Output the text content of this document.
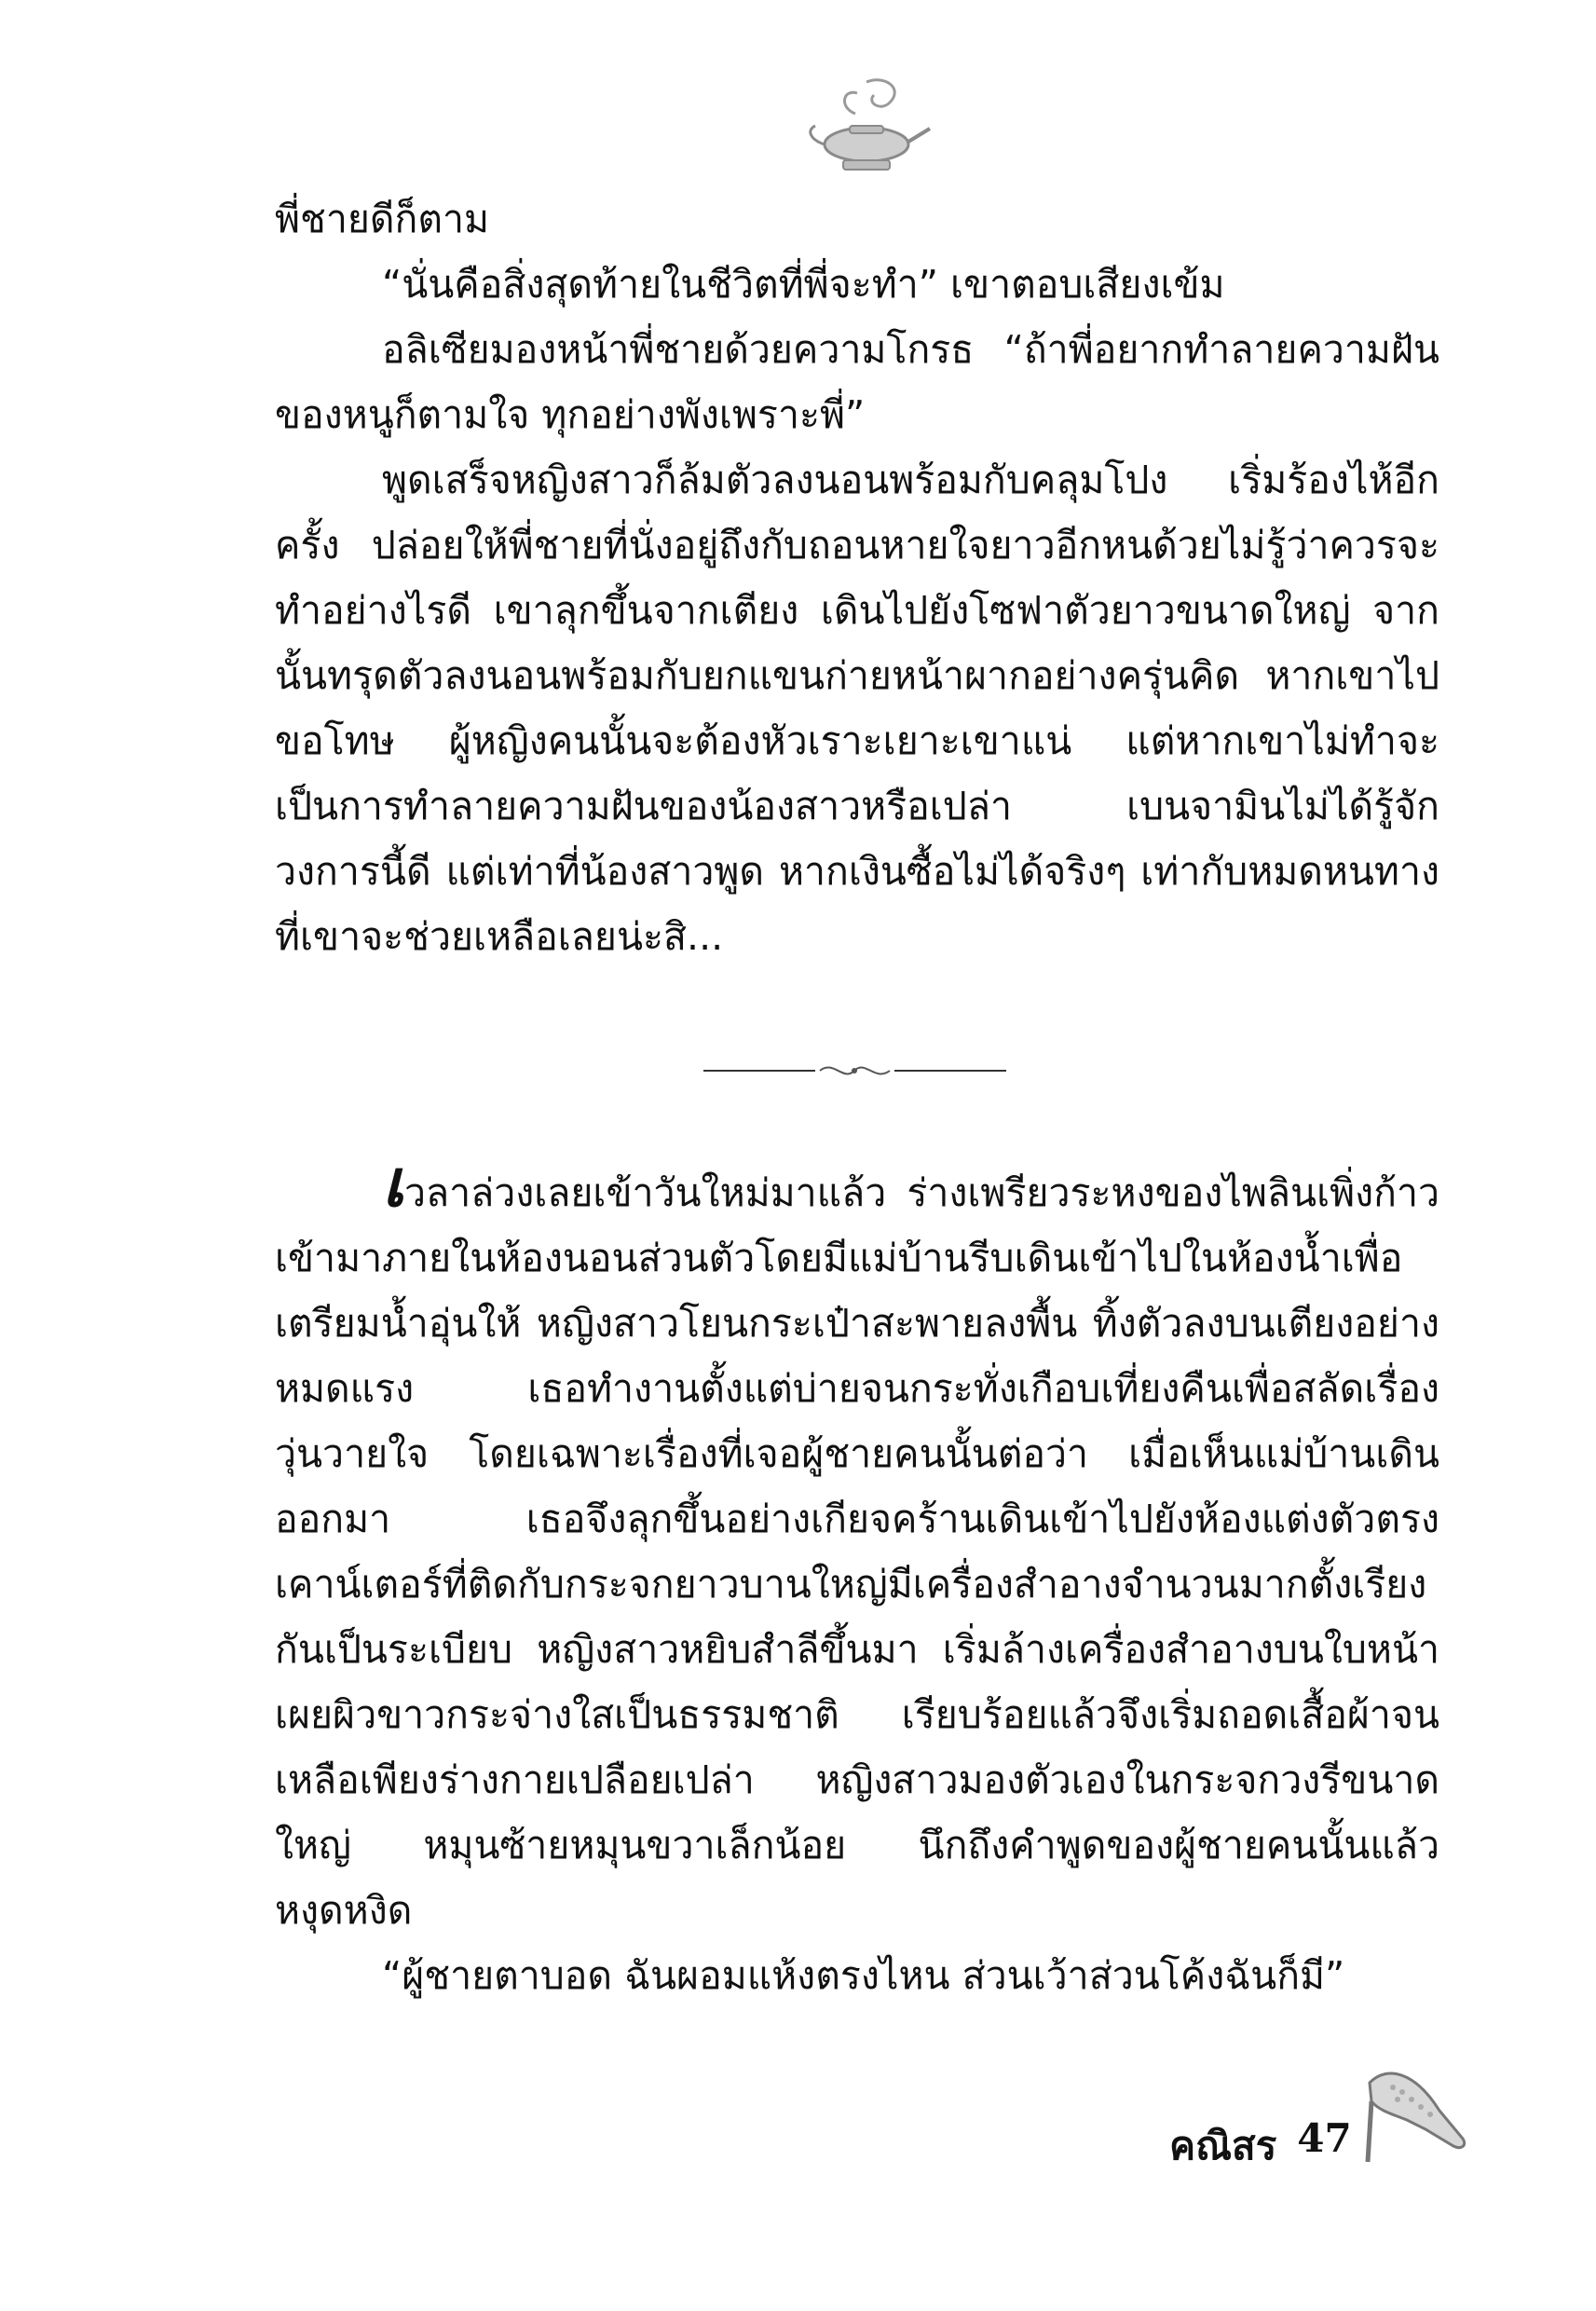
พี่ชายดีก็ตาม

“นั่นคือสิ่งสุดท้ายในชีวิตที่พี่จะทำ” เขาตอบเสียงเข้ม

อลิเซียมองหน้าพี่ชายด้วยความโกรธ “ถ้าพี่อยากทำลายความฝันของหนูก็ตามใจ ทุกอย่างพังเพราะพี่”

พูดเสร็จหญิงสาวก็ล้มตัวลงนอนพร้อมกับคลุมโปง เริ่มร้องไห้อีกครั้ง ปล่อยให้พี่ชายที่นั่งอยู่ถึงกับถอนหายใจยาวอีกหนด้วยไม่รู้ว่าควรจะทำอย่างไรดี เขาลุกขึ้นจากเตียง เดินไปยังโซฟาตัวยาวขนาดใหญ่ จากนั้นทรุดตัวลงนอนพร้อมกับยกแขนก่ายหน้าผากอย่างครุ่นคิด หากเขาไปขอโทษ ผู้หญิงคนนั้นจะต้องหัวเราะเยาะเขาแน่ แต่หากเขาไม่ทำจะเป็นการทำลายความฝันของน้องสาวหรือเปล่า เบนจามินไม่ได้รู้จักวงการนี้ดี แต่เท่าที่น้องสาวพูด หากเงินซื้อไม่ได้จริงๆ เท่ากับหมดหนทางที่เขาจะช่วยเหลือเลยน่ะสิ...

เวลาล่วงเลยเข้าวันใหม่มาแล้ว ร่างเพรียวระหงของไพลินเพิ่งก้าวเข้ามาภายในห้องนอนส่วนตัวโดยมีแม่บ้านรีบเดินเข้าไปในห้องน้ำเพื่อเตรียมน้ำอุ่นให้ หญิงสาวโยนกระเป๋าสะพายลงพื้น ทิ้งตัวลงบนเตียงอย่างหมดแรง เธอทำงานตั้งแต่บ่ายจนกระทั่งเกือบเที่ยงคืนเพื่อสลัดเรื่องวุ่นวายใจ โดยเฉพาะเรื่องที่เจอผู้ชายคนนั้นต่อว่า เมื่อเห็นแม่บ้านเดินออกมา เธอจึงลุกขึ้นอย่างเกียจคร้านเดินเข้าไปยังห้องแต่งตัวตรงเคาน์เตอร์ที่ติดกับกระจกยาวบานใหญ่มีเครื่องสำอางจำนวนมากตั้งเรียงกันเป็นระเบียบ หญิงสาวหยิบสำลีขึ้นมา เริ่มล้างเครื่องสำอางบนใบหน้า เผยผิวขาวกระจ่างใสเป็นธรรมชาติ เรียบร้อยแล้วจึงเริ่มถอดเสื้อผ้าจนเหลือเพียงร่างกายเปลือยเปล่า หญิงสาวมองตัวเองในกระจกวงรีขนาดใหญ่ หมุนซ้ายหมุนขวาเล็กน้อย นึกถึงคำพูดของผู้ชายคนนั้นแล้วหงุดหงิด

“ผู้ชายตาบอด ฉันผอมแห้งตรงไหน ส่วนเว้าส่วนโค้งฉันก็มี”

คณิสร 47
